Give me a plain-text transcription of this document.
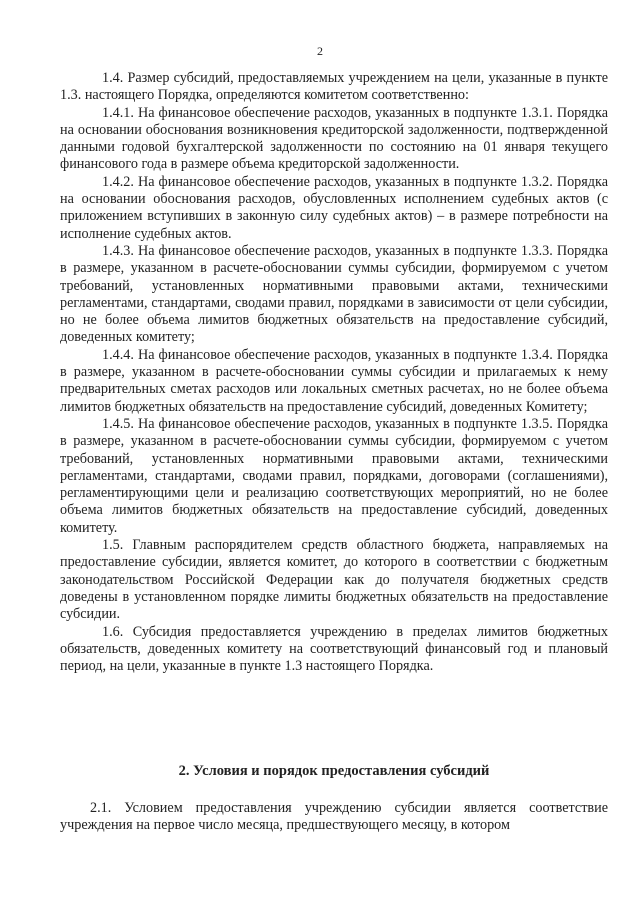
2

1.4. Размер субсидий, предоставляемых учреждением на цели, указанные в пункте 1.3. настоящего Порядка, определяются комитетом соответственно:

1.4.1. На финансовое обеспечение расходов, указанных в подпункте 1.3.1. Порядка на основании обоснования возникновения кредиторской задолженности, подтвержденной данными годовой бухгалтерской задолженности по состоянию на 01 января текущего финансового года в размере объема кредиторской задолженности.

1.4.2. На финансовое обеспечение расходов, указанных в подпункте 1.3.2. Порядка на основании обоснования расходов, обусловленных исполнением судебных актов (с приложением вступивших в законную силу судебных актов) – в размере потребности на исполнение судебных актов.

1.4.3. На финансовое обеспечение расходов, указанных в подпункте 1.3.3. Порядка в размере, указанном в расчете-обосновании суммы субсидии, формируемом с учетом требований, установленных нормативными правовыми актами, техническими регламентами, стандартами, сводами правил, порядками в зависимости от цели субсидии, но не более объема лимитов бюджетных обязательств на предоставление субсидий, доведенных комитету;

1.4.4. На финансовое обеспечение расходов, указанных в подпункте 1.3.4. Порядка в размере, указанном в расчете-обосновании суммы субсидии и прилагаемых к нему предварительных сметах расходов или локальных сметных расчетах, но не более объема лимитов бюджетных обязательств на предоставление субсидий, доведенных Комитету;

1.4.5. На финансовое обеспечение расходов, указанных в подпункте 1.3.5. Порядка в размере, указанном в расчете-обосновании суммы субсидии, формируемом с учетом требований, установленных нормативными правовыми актами, техническими регламентами, стандартами, сводами правил, порядками, договорами (соглашениями), регламентирующими цели и реализацию соответствующих мероприятий, но не более объема лимитов бюджетных обязательств на предоставление субсидий, доведенных комитету.

1.5. Главным распорядителем средств областного бюджета, направляемых на предоставление субсидии, является комитет, до которого в соответствии с бюджетным законодательством Российской Федерации как до получателя бюджетных средств доведены в установленном порядке лимиты бюджетных обязательств на предоставление субсидии.

1.6. Субсидия предоставляется учреждению в пределах лимитов бюджетных обязательств, доведенных комитету на соответствующий финансовый год и плановый период, на цели, указанные в пункте 1.3 настоящего Порядка.

2. Условия и порядок предоставления субсидий

2.1. Условием предоставления учреждению субсидии является соответствие учреждения на первое число месяца, предшествующего месяцу, в котором
